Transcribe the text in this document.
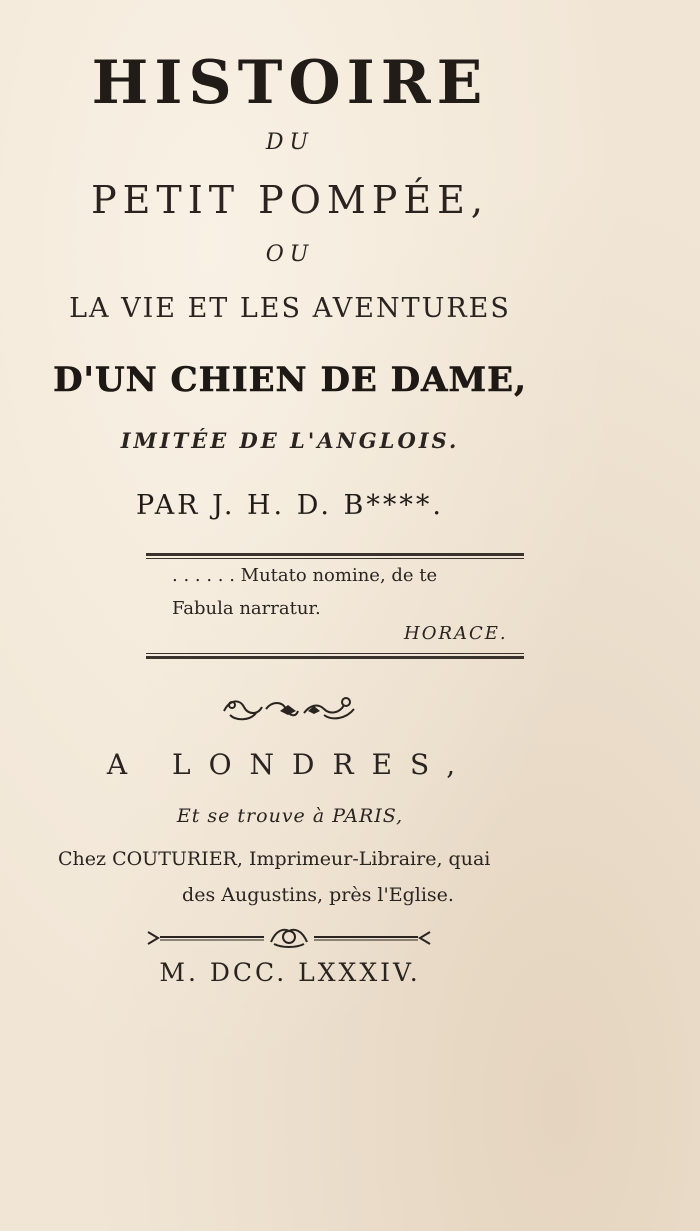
HISTOIRE
DU
PETIT POMPÉE,
OU
LA VIE ET LES AVENTURES
D'UN CHIEN DE DAME,
IMITÉE DE L'ANGLOIS.
PAR J. H. D. B****.
. . . . . . Mutato nomine, de te
Fabula narratur.
HORACE.
A LONDRES,
Et se trouve à PARIS,
Chez COUTURIER, Imprimeur-Libraire, quai
des Augustins, près l'Eglise.
M. DCC. LXXXIV.
